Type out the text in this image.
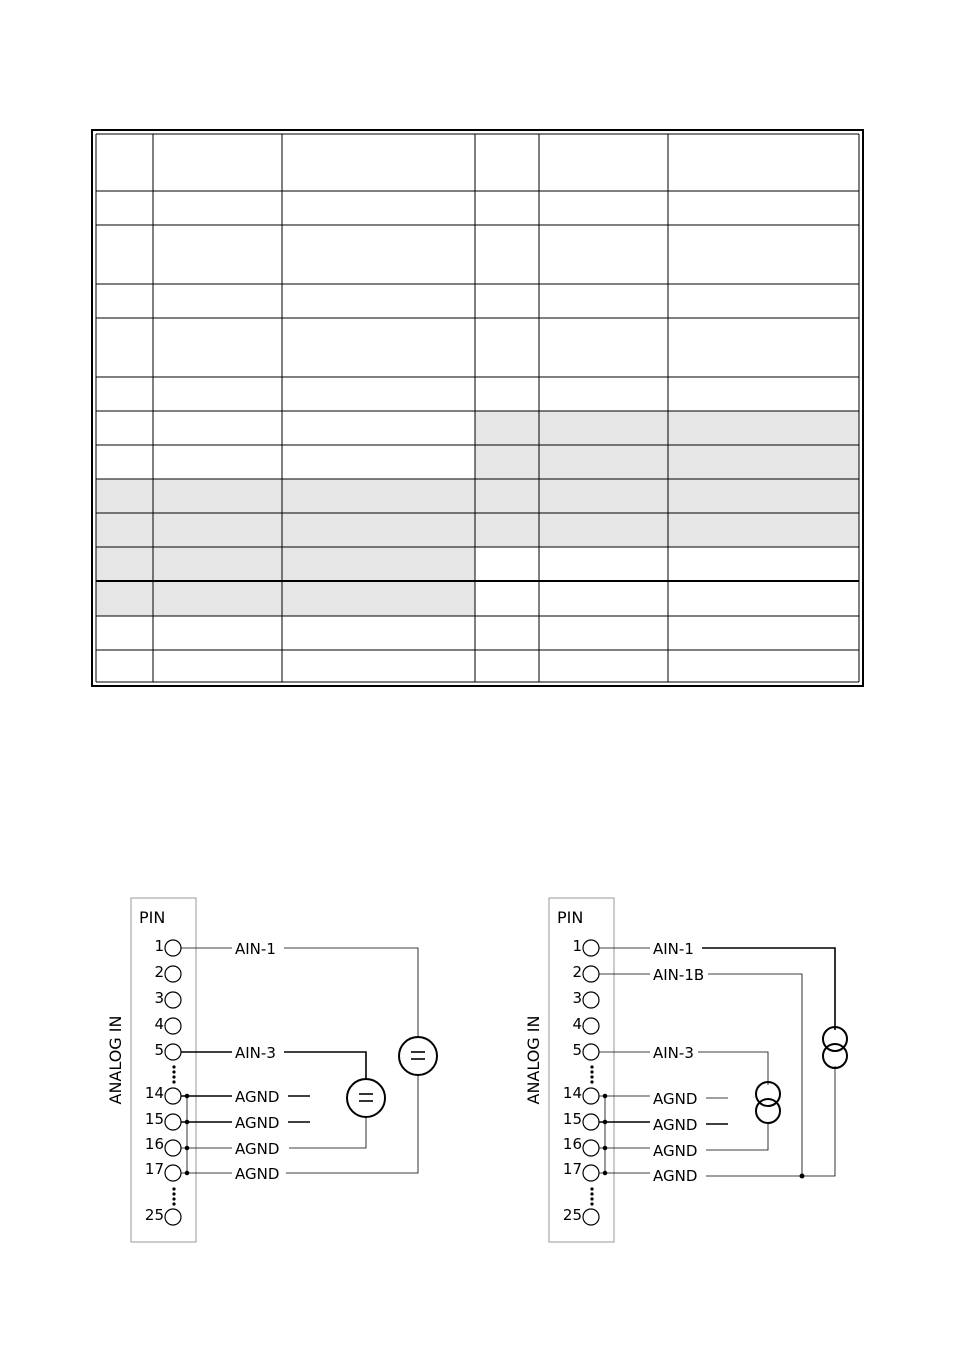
ANALOG IN
PIN
1
2
3
4
5
14
15
16
17
25
AIN-1
AIN-3
AGND
AGND
AGND
AGND
ANALOG IN
PIN
1
2
3
4
5
14
15
16
17
25
AIN-1
AIN-1B
AIN-3
AGND
AGND
AGND
AGND
